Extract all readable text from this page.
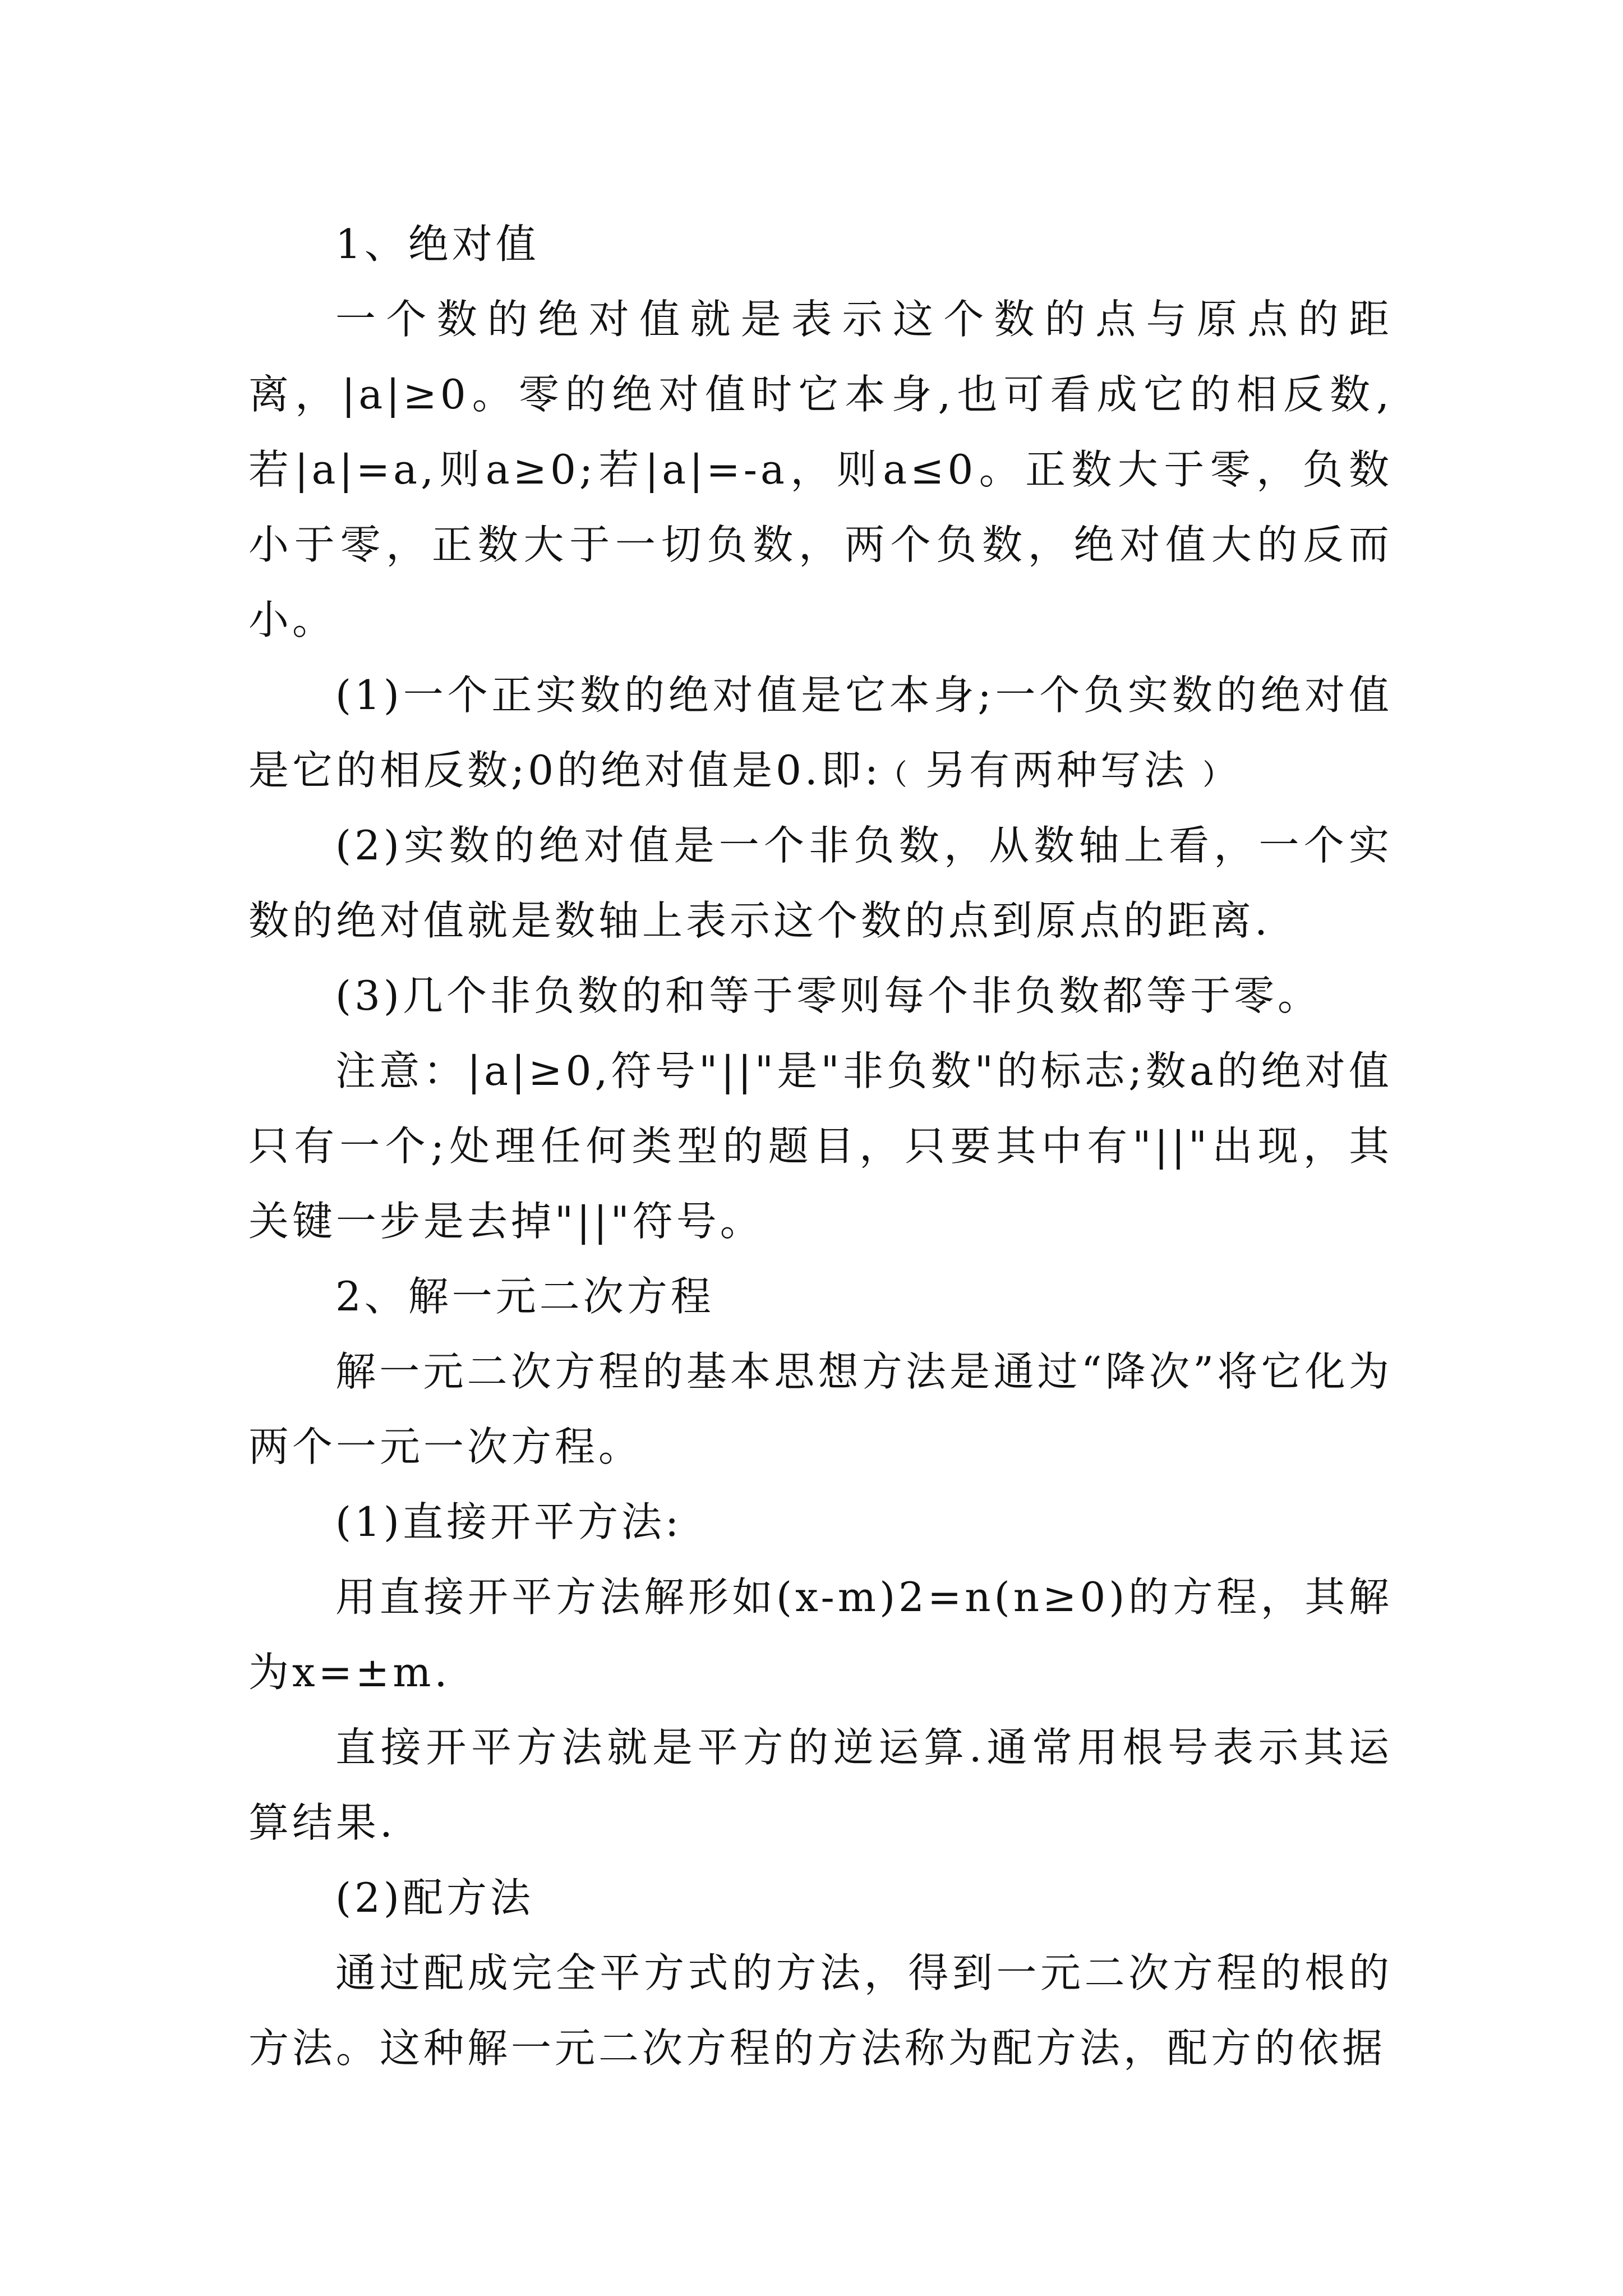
1、绝对值

一个数的绝对值就是表示这个数的点与原点的距离，|a|≥0。零的绝对值时它本身,也可看成它的相反数,若|a|=a,则a≥0;若|a|=-a，则a≤0。正数大于零，负数小于零，正数大于一切负数，两个负数，绝对值大的反而小。

(1)一个正实数的绝对值是它本身;一个负实数的绝对值是它的相反数;0的绝对值是0.即:﹙另有两种写法﹚

(2)实数的绝对值是一个非负数，从数轴上看，一个实数的绝对值就是数轴上表示这个数的点到原点的距离.

(3)几个非负数的和等于零则每个非负数都等于零。

注意：|a|≥0,符号"||"是"非负数"的标志;数a的绝对值只有一个;处理任何类型的题目，只要其中有"||"出现，其关键一步是去掉"||"符号。

2、解一元二次方程

解一元二次方程的基本思想方法是通过“降次”将它化为两个一元一次方程。

(1)直接开平方法:

用直接开平方法解形如(x-m)2=n(n≥0)的方程，其解为x=±m.

直接开平方法就是平方的逆运算.通常用根号表示其运算结果.

(2)配方法

通过配成完全平方式的方法，得到一元二次方程的根的方法。这种解一元二次方程的方法称为配方法，配方的依据
